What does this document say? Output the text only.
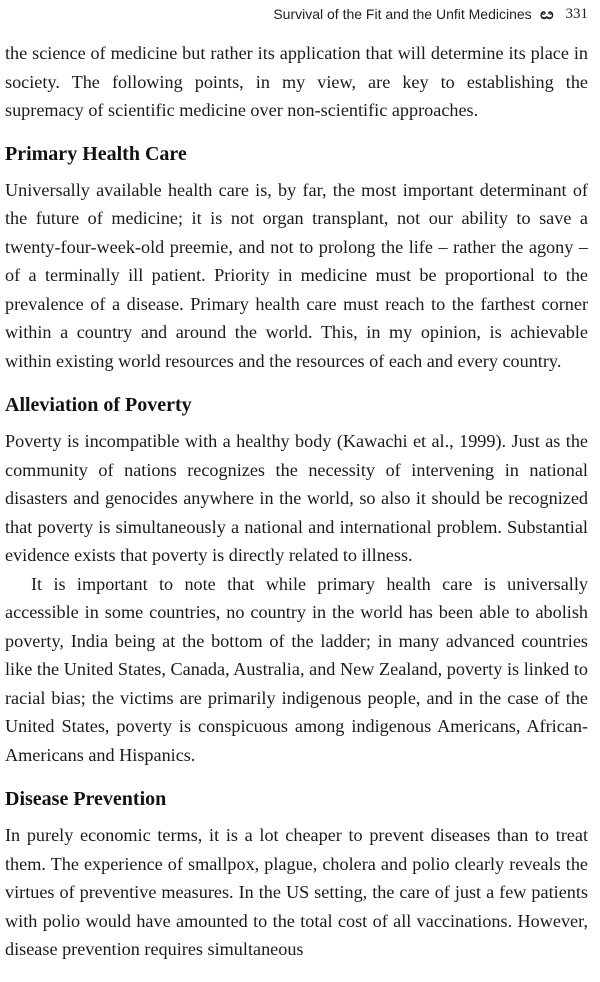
Survival of the Fit and the Unfit Medicines ೞ 331

the science of medicine but rather its application that will determine its place in society. The following points, in my view, are key to establishing the supremacy of scientific medicine over non-scientific approaches.

Primary Health Care

Universally available health care is, by far, the most important determinant of the future of medicine; it is not organ transplant, not our ability to save a twenty-four-week-old preemie, and not to prolong the life – rather the agony – of a terminally ill patient. Priority in medicine must be proportional to the prevalence of a disease. Primary health care must reach to the farthest corner within a country and around the world. This, in my opinion, is achievable within existing world resources and the resources of each and every country.

Alleviation of Poverty

Poverty is incompatible with a healthy body (Kawachi et al., 1999). Just as the community of nations recognizes the necessity of intervening in national disasters and genocides anywhere in the world, so also it should be recognized that poverty is simultaneously a national and international problem. Substantial evidence exists that poverty is directly related to illness.

It is important to note that while primary health care is universally accessible in some countries, no country in the world has been able to abolish poverty, India being at the bottom of the ladder; in many advanced countries like the United States, Canada, Australia, and New Zealand, poverty is linked to racial bias; the victims are primarily indigenous people, and in the case of the United States, poverty is conspicuous among indigenous Americans, African-Americans and Hispanics.

Disease Prevention

In purely economic terms, it is a lot cheaper to prevent diseases than to treat them. The experience of smallpox, plague, cholera and polio clearly reveals the virtues of preventive measures. In the US setting, the care of just a few patients with polio would have amounted to the total cost of all vaccinations. However, disease prevention requires simultaneous
